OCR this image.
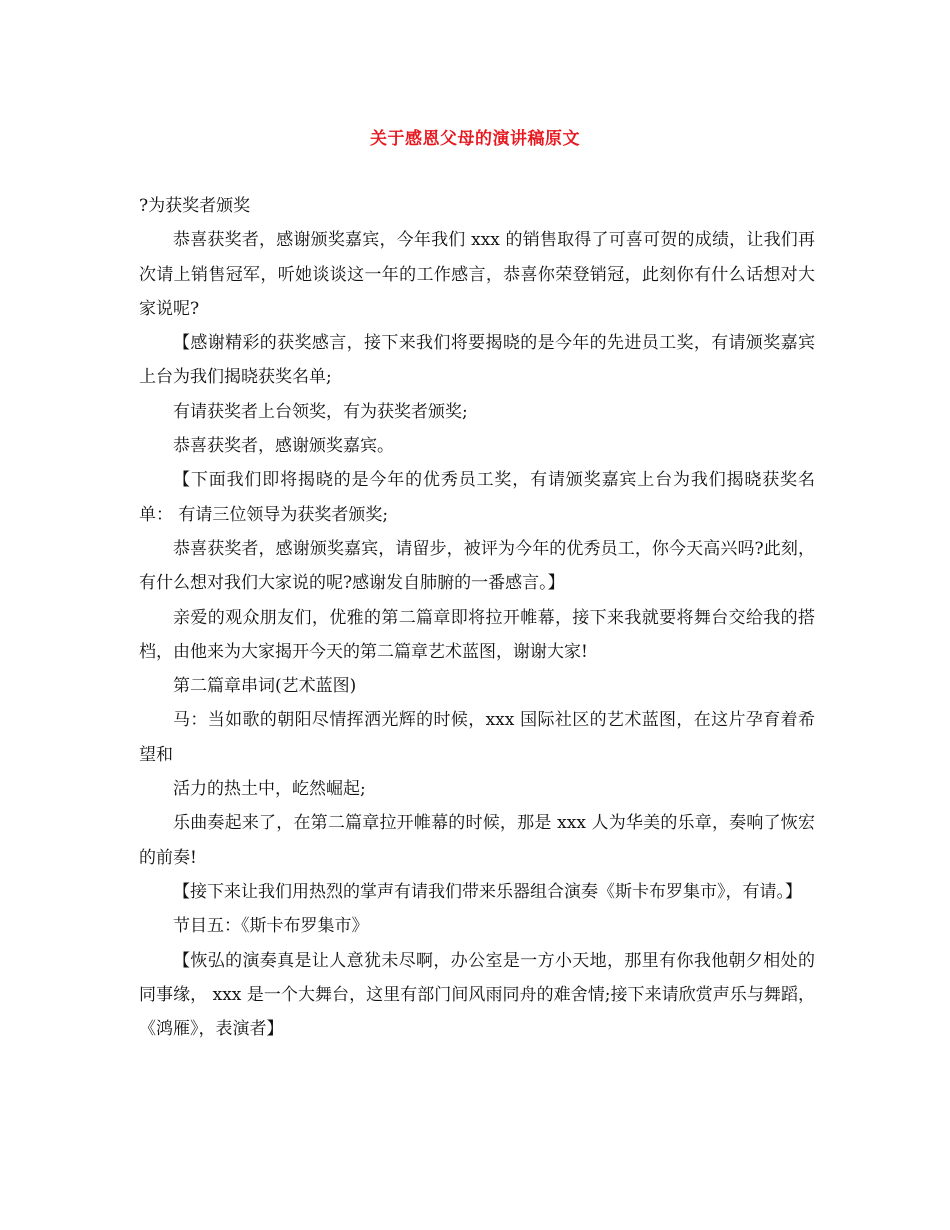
关于感恩父母的演讲稿原文

?为获奖者颁奖

恭喜获奖者，感谢颁奖嘉宾，今年我们 xxx 的销售取得了可喜可贺的成绩，让我们再次请上销售冠军，听她谈谈这一年的工作感言，恭喜你荣登销冠，此刻你有什么话想对大家说呢?

【感谢精彩的获奖感言，接下来我们将要揭晓的是今年的先进员工奖，有请颁奖嘉宾上台为我们揭晓获奖名单;

有请获奖者上台领奖，有为获奖者颁奖;

恭喜获奖者，感谢颁奖嘉宾。

【下面我们即将揭晓的是今年的优秀员工奖，有请颁奖嘉宾上台为我们揭晓获奖名单： 有请三位领导为获奖者颁奖;

恭喜获奖者，感谢颁奖嘉宾，请留步，被评为今年的优秀员工，你今天高兴吗?此刻，有什么想对我们大家说的呢?感谢发自肺腑的一番感言。】

亲爱的观众朋友们，优雅的第二篇章即将拉开帷幕，接下来我就要将舞台交给我的搭档，由他来为大家揭开今天的第二篇章艺术蓝图，谢谢大家!

第二篇章串词(艺术蓝图)

马：当如歌的朝阳尽情挥洒光辉的时候，xxx 国际社区的艺术蓝图，在这片孕育着希望和

活力的热土中，屹然崛起;

乐曲奏起来了，在第二篇章拉开帷幕的时候，那是 xxx 人为华美的乐章，奏响了恢宏的前奏!

【接下来让我们用热烈的掌声有请我们带来乐器组合演奏《斯卡布罗集市》，有请。】

节目五：《斯卡布罗集市》

【恢弘的演奏真是让人意犹未尽啊，办公室是一方小天地，那里有你我他朝夕相处的同事缘， xxx 是一个大舞台，这里有部门间风雨同舟的难舍情;接下来请欣赏声乐与舞蹈，《鸿雁》，表演者】
